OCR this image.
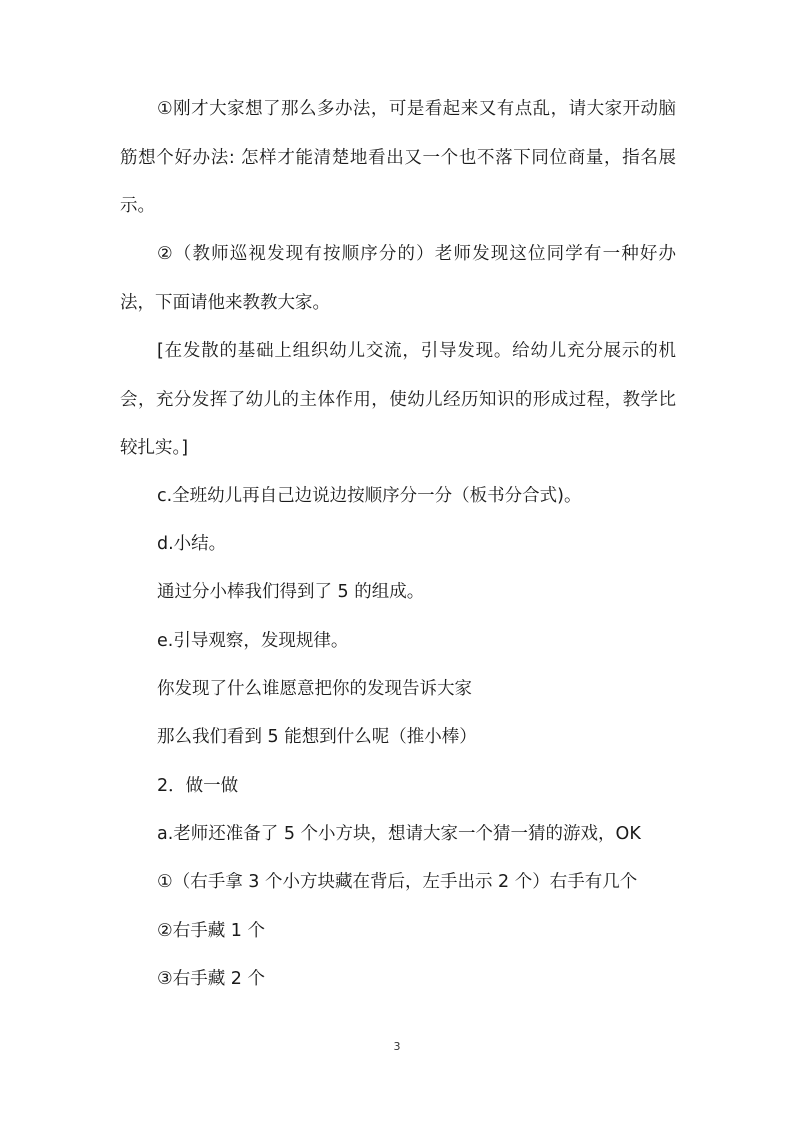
①刚才大家想了那么多办法，可是看起来又有点乱，请大家开动脑筋想个好办法: 怎样才能清楚地看出又一个也不落下同位商量，指名展示。

②（教师巡视发现有按顺序分的）老师发现这位同学有一种好办法，下面请他来教教大家。

[在发散的基础上组织幼儿交流，引导发现。给幼儿充分展示的机会，充分发挥了幼儿的主体作用，使幼儿经历知识的形成过程，教学比较扎实。]

c.全班幼儿再自己边说边按顺序分一分（板书分合式)。

d.小结。

通过分小棒我们得到了 5 的组成。

e.引导观察，发现规律。

你发现了什么谁愿意把你的发现告诉大家

那么我们看到 5 能想到什么呢（推小棒）

2．做一做

a.老师还准备了 5 个小方块，想请大家一个猜一猜的游戏，OK

①（右手拿 3 个小方块藏在背后，左手出示 2 个）右手有几个

②右手藏 1 个

③右手藏 2 个

3
